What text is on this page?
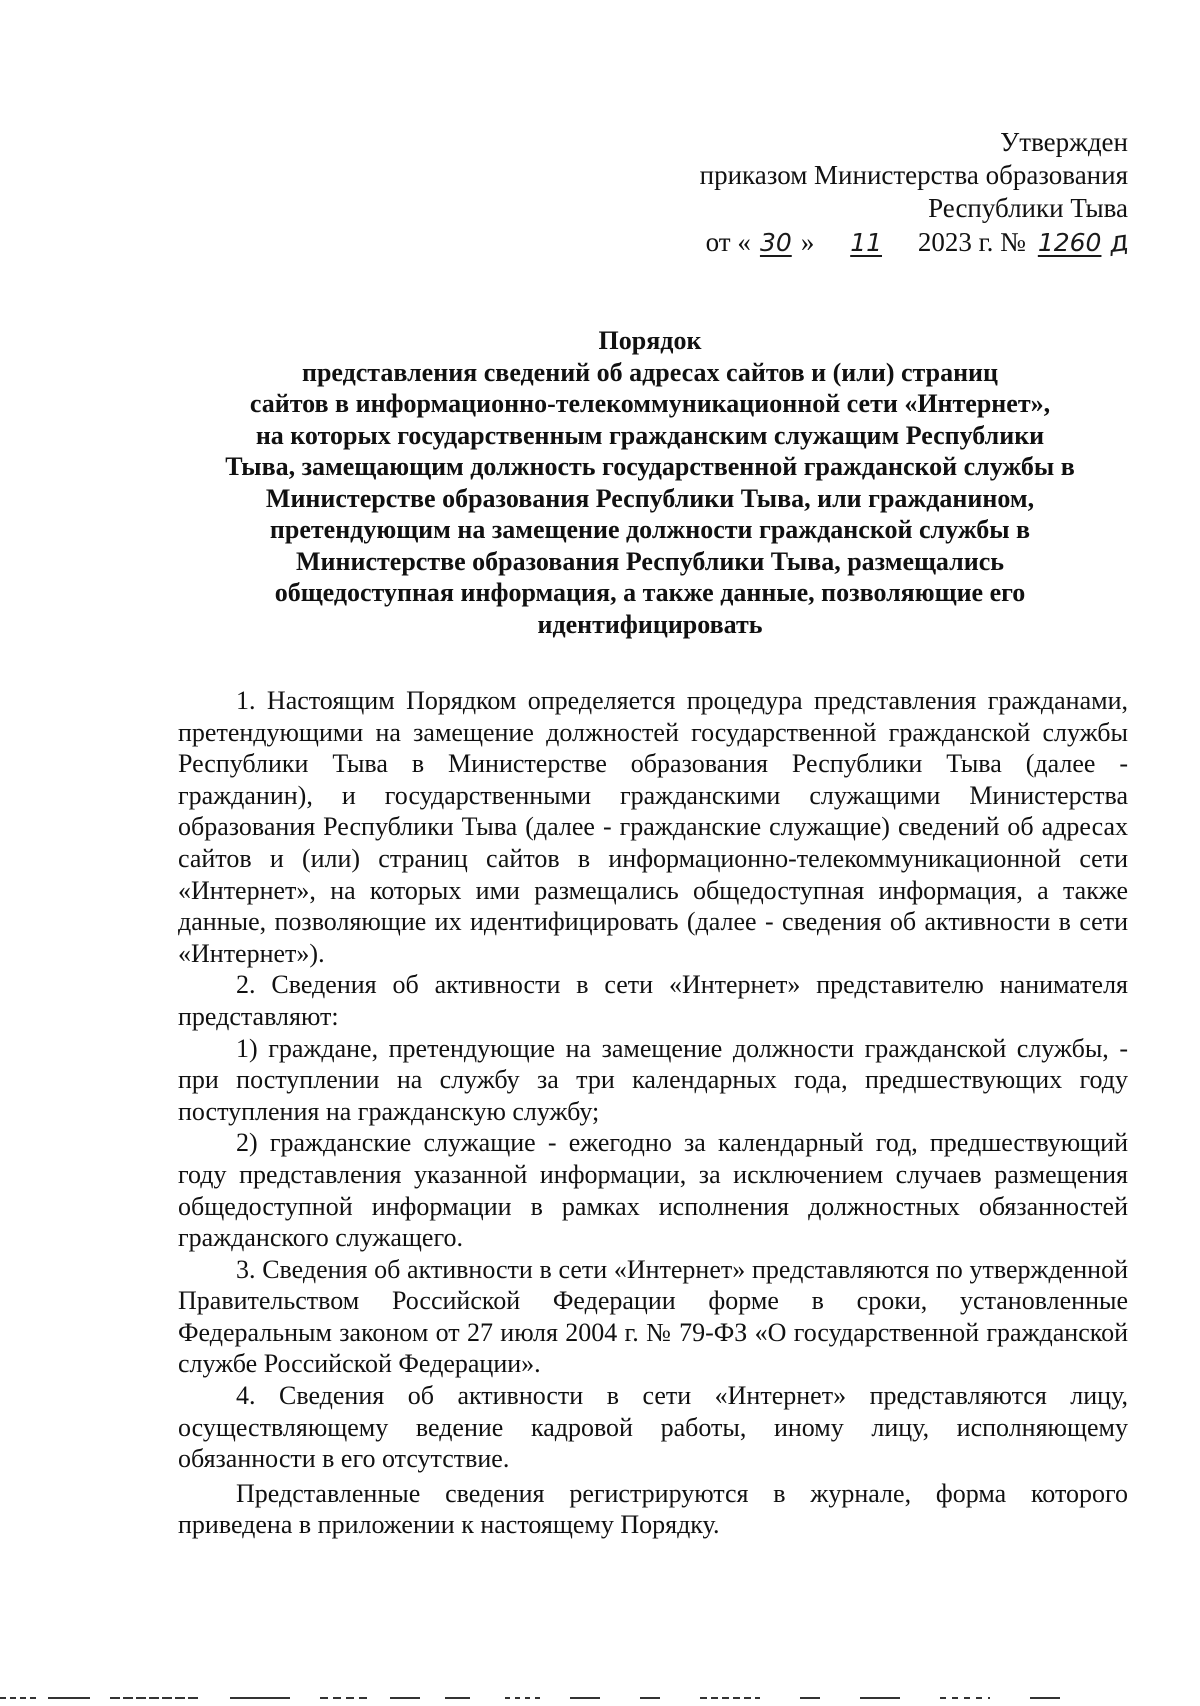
Утвержден
приказом Министерства образования
Республики Тыва
от « 30 » 11 2023 г. № 1260 д
Порядок
представления сведений об адресах сайтов и (или) страниц
сайтов в информационно-телекоммуникационной сети «Интернет»,
на которых государственным гражданским служащим Республики
Тыва, замещающим должность государственной гражданской службы в
Министерстве образования Республики Тыва, или гражданином,
претендующим на замещение должности гражданской службы в
Министерстве образования Республики Тыва, размещались
общедоступная информация, а также данные, позволяющие его
идентифицировать

1. Настоящим Порядком определяется процедура представления гражданами, претендующими на замещение должностей государственной гражданской службы Республики Тыва в Министерстве образования Республики Тыва (далее - гражданин), и государственными гражданскими служащими Министерства образования Республики Тыва (далее - гражданские служащие) сведений об адресах сайтов и (или) страниц сайтов в информационно-телекоммуникационной сети «Интернет», на которых ими размещались общедоступная информация, а также данные, позволяющие их идентифицировать (далее - сведения об активности в сети «Интернет»).

2. Сведения об активности в сети «Интернет» представителю нанимателя представляют:

1) граждане, претендующие на замещение должности гражданской службы, - при поступлении на службу за три календарных года, предшествующих году поступления на гражданскую службу;

2) гражданские служащие - ежегодно за календарный год, предшествующий году представления указанной информации, за исключением случаев размещения общедоступной информации в рамках исполнения должностных обязанностей гражданского служащего.

3. Сведения об активности в сети «Интернет» представляются по утвержденной Правительством Российской Федерации форме в сроки, установленные Федеральным законом от 27 июля 2004 г. № 79-ФЗ «О государственной гражданской службе Российской Федерации».

4. Сведения об активности в сети «Интернет» представляются лицу, осуществляющему ведение кадровой работы, иному лицу, исполняющему обязанности в его отсутствие.

Представленные сведения регистрируются в журнале, форма которого приведена в приложении к настоящему Порядку.
